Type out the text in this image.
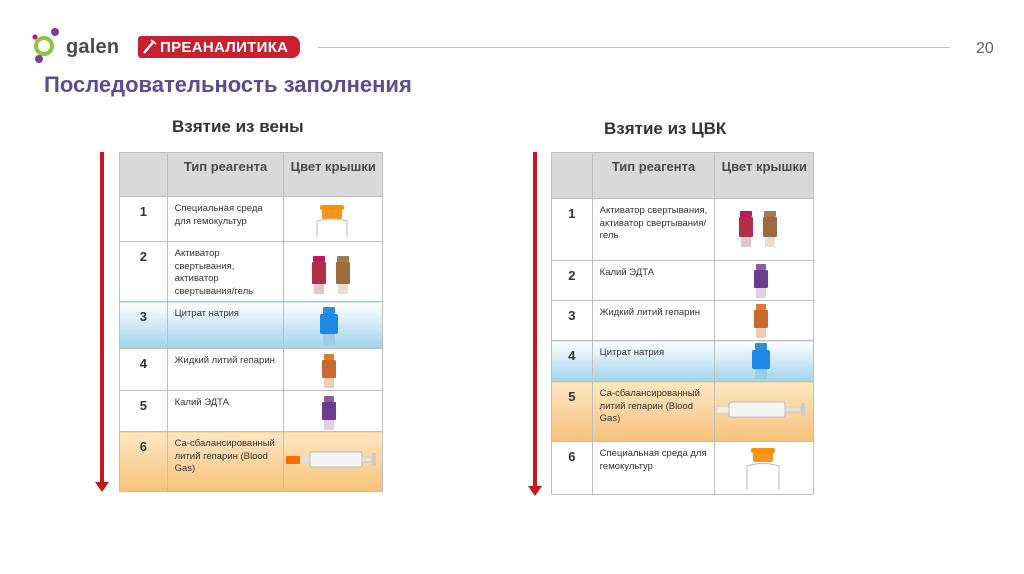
galen	ПРЕАНАЛИТИКА	20
Последовательность заполнения
Взятие из вены	Взятие из ЦВК

	Тип реагента	Цвет крышки

1	Специальная среда для гемокультур

2	Активатор свертывания, активатор свертывания/гель

3	Цитрат натрия

4	Жидкий литий гепарин

5	Калий ЭДТА

6	Са-сбалансированный литий гепарин (Blood Gas)

	Тип реагента	Цвет крышки

1	Активатор свертывания, активатор свертывания/гель

2	Калий ЭДТА

3	Жидкий литий гепарин

4	Цитрат натрия

5	Са-сбалансированный литий гепарин (Blood Gas)

6	Специальная среда для гемокультур
